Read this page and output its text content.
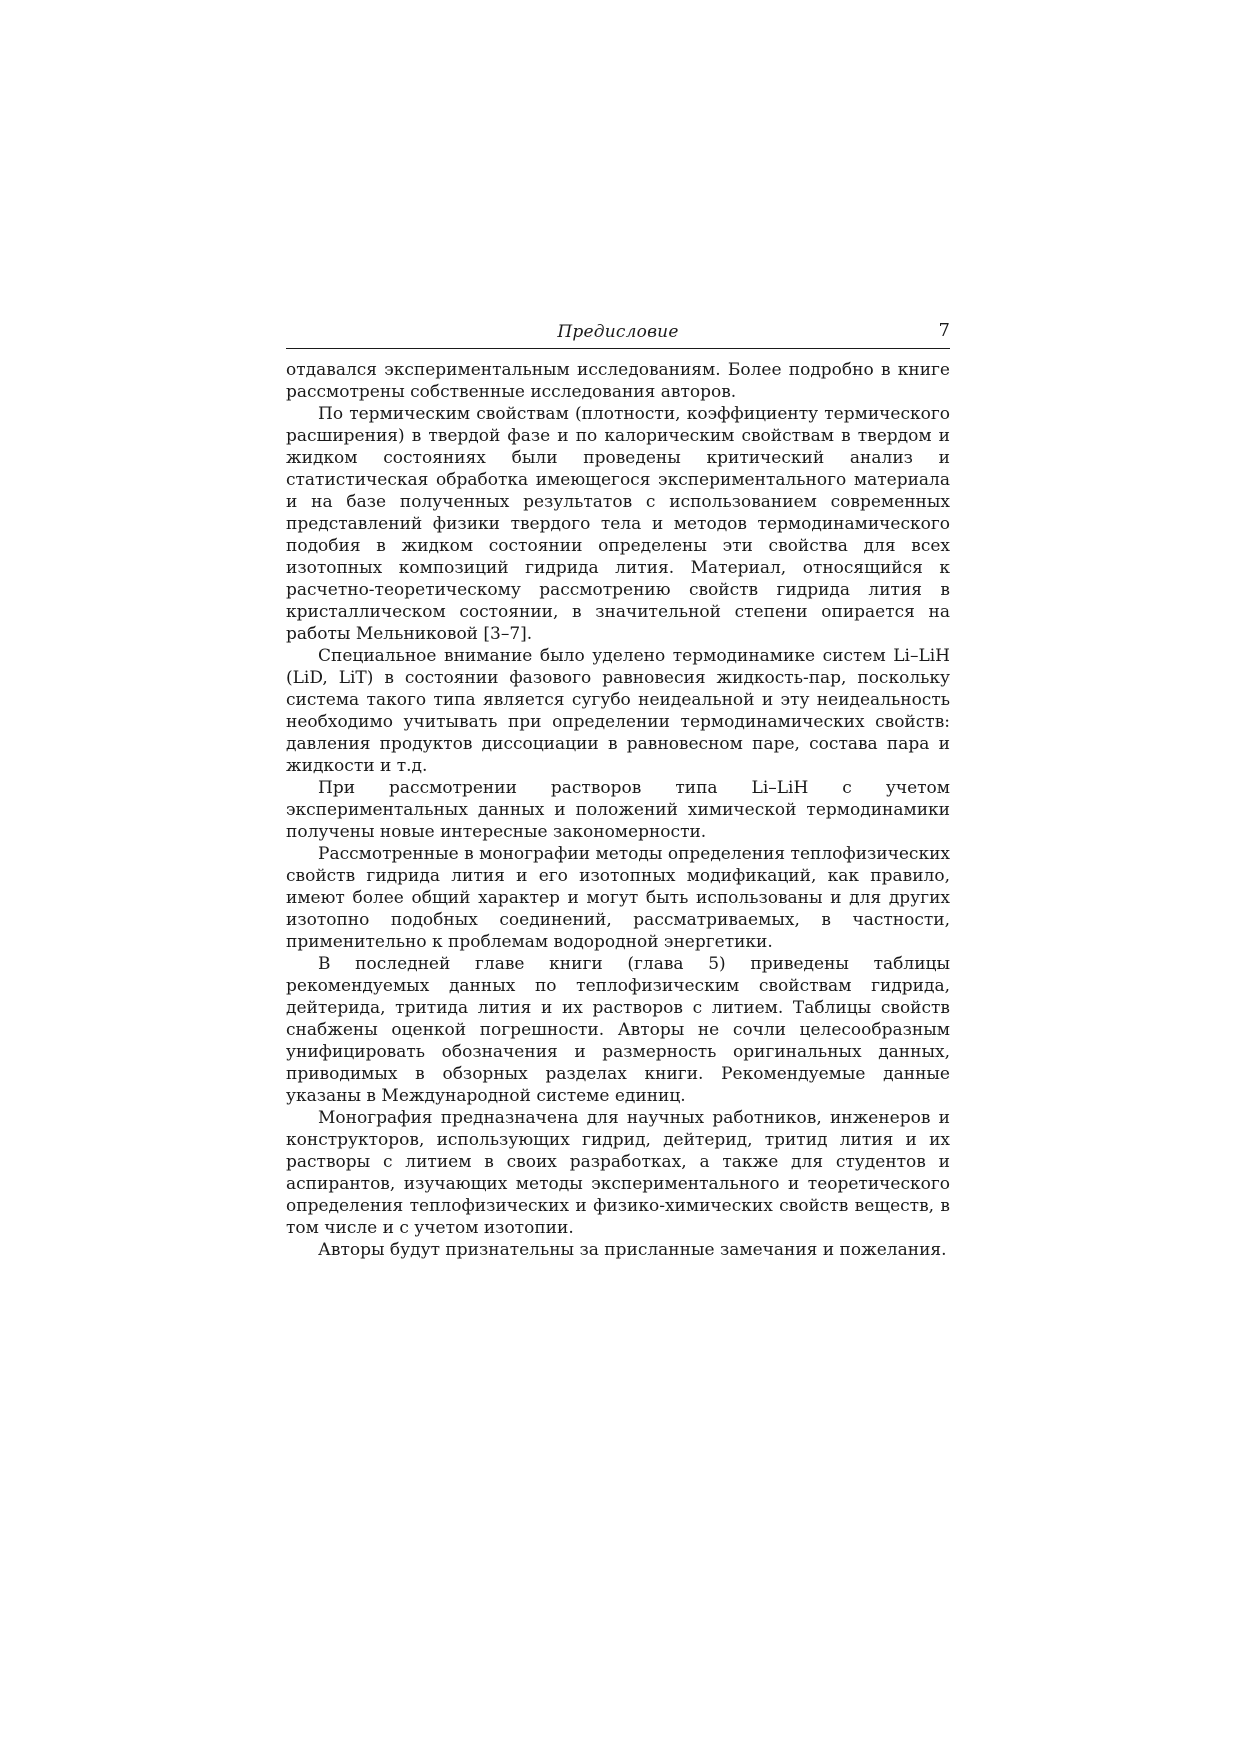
Предисловие	7

отдавался экспериментальным исследованиям. Более подробно в книге рассмотрены собственные исследования авторов.

По термическим свойствам (плотности, коэффициенту термического расширения) в твердой фазе и по калорическим свойствам в твердом и жидком состояниях были проведены критический анализ и статистическая обработка имеющегося экспериментального материала и на базе полученных результатов с использованием современных представлений физики твердого тела и методов термодинамического подобия в жидком состоянии определены эти свойства для всех изотопных композиций гидрида лития. Материал, относящийся к расчетно-теоретическому рассмотрению свойств гидрида лития в кристаллическом состоянии, в значительной степени опирается на работы Мельниковой [3–7].

Специальное внимание было уделено термодинамике систем Li–LiH (LiD, LiT) в состоянии фазового равновесия жидкость-пар, поскольку система такого типа является сугубо неидеальной и эту неидеальность необходимо учитывать при определении термодинамических свойств: давления продуктов диссоциации в равновесном паре, состава пара и жидкости и т.д.

При рассмотрении растворов типа Li–LiH с учетом экспериментальных данных и положений химической термодинамики получены новые интересные закономерности.

Рассмотренные в монографии методы определения теплофизических свойств гидрида лития и его изотопных модификаций, как правило, имеют более общий характер и могут быть использованы и для других изотопно подобных соединений, рассматриваемых, в частности, применительно к проблемам водородной энергетики.

В последней главе книги (глава 5) приведены таблицы рекомендуемых данных по теплофизическим свойствам гидрида, дейтерида, тритида лития и их растворов с литием. Таблицы свойств снабжены оценкой погрешности. Авторы не сочли целесообразным унифицировать обозначения и размерность оригинальных данных, приводимых в обзорных разделах книги. Рекомендуемые данные указаны в Международной системе единиц.

Монография предназначена для научных работников, инженеров и конструкторов, использующих гидрид, дейтерид, тритид лития и их растворы с литием в своих разработках, а также для студентов и аспирантов, изучающих методы экспериментального и теоретического определения теплофизических и физико-химических свойств веществ, в том числе и с учетом изотопии.

Авторы будут признательны за присланные замечания и пожелания.
